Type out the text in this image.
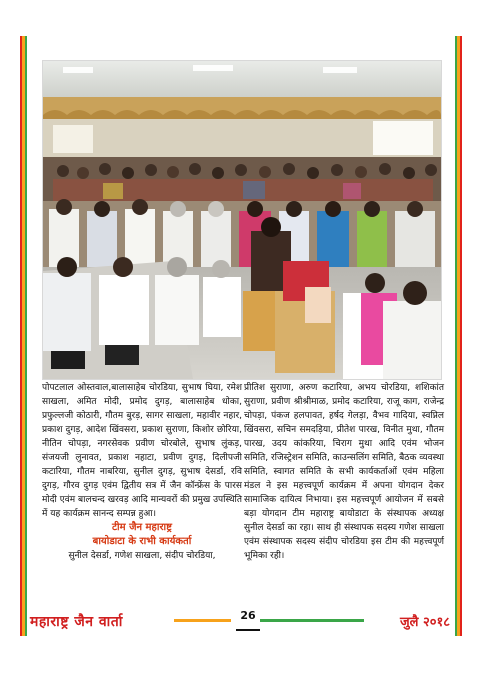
पोपटलाल ओस्तवाल,बालासाहेब चोरडिया, सुभाष घिया, रमेश साखला, अमित मोदी, प्रमोद दुगड़, बालासाहेब धोका, प्रफुल्लजी कोठारी, गौतम बुरड़, सागर साखला, महावीर नहार, प्रकाश दुगड़, आदेश खिंवसरा, प्रकाश सुराणा, किशोर छोरिया, नीतिन चोपड़ा, नगरसेवक प्रवीण चोरबोले, सुभाष लुंकड़, संजयजी लुनावत, प्रकाश नहाटा, प्रवीण दुगड़, दिलीपजी कटारिया, गौतम नाबरिया, सुनील दुगड़, सुभाष देसर्डा, रवि दुगड़, गौरव दुगड़ एवंम द्वितीय सत्र में जैन कॉन्फ्रेंस के पारस मोदी एवंम बालचन्द खरवड़ आदि मान्यवरों की प्रमुख उपस्थिति में यह कार्यक्रम सानन्द सम्पन्न हुआ।

टीम जैन महाराष्ट्र
बायोडाटा के राभी कार्यकर्ता

सुनील देसर्डा, गणेश साखला, संदीप चोरडिया,

प्रीतिश सुराणा, अरुण कटारिया, अभय चोरडिया, शशिकांत सुराणा, प्रवीण श्रीश्रीमाळ, प्रमोद कटारिया, राजू काग, राजेन्द्र चोपड़ा, पंकज हलपावत, हर्षद गेलड़ा, वैभव गादिया, स्वप्निल खिंवसरा, सचिन समदड़िया, प्रीतेश पारख, विनीत मुथा, गौतम पारख, उदय कांकरिया, चिराग मुथा आदि एवंम भोजन समिति, रजिस्ट्रेशन समिति, काउन्सलिंग समिति, बैठक व्यवस्था समिति, स्वागत समिति के सभी कार्यकर्ताओं एवंम महिला मंडल ने इस महत्त्वपूर्ण कार्यक्रम में अपना योगदान देकर सामाजिक दायित्व निभाया। इस महत्त्वपूर्ण आयोजन में सबसे बड़ा योगदान टीम महाराष्ट्र बायोडाटा के संस्थापक अध्यक्ष सुनील देसर्डा का रहा। साथ ही संस्थापक सदस्य गणेश साखला एवंम संस्थापक सदस्य संदीप चोरडिया इस टीम की महत्त्वपूर्ण भूमिका रही।

महाराष्ट्र जैन वार्ता	26	जुलै २०१८
